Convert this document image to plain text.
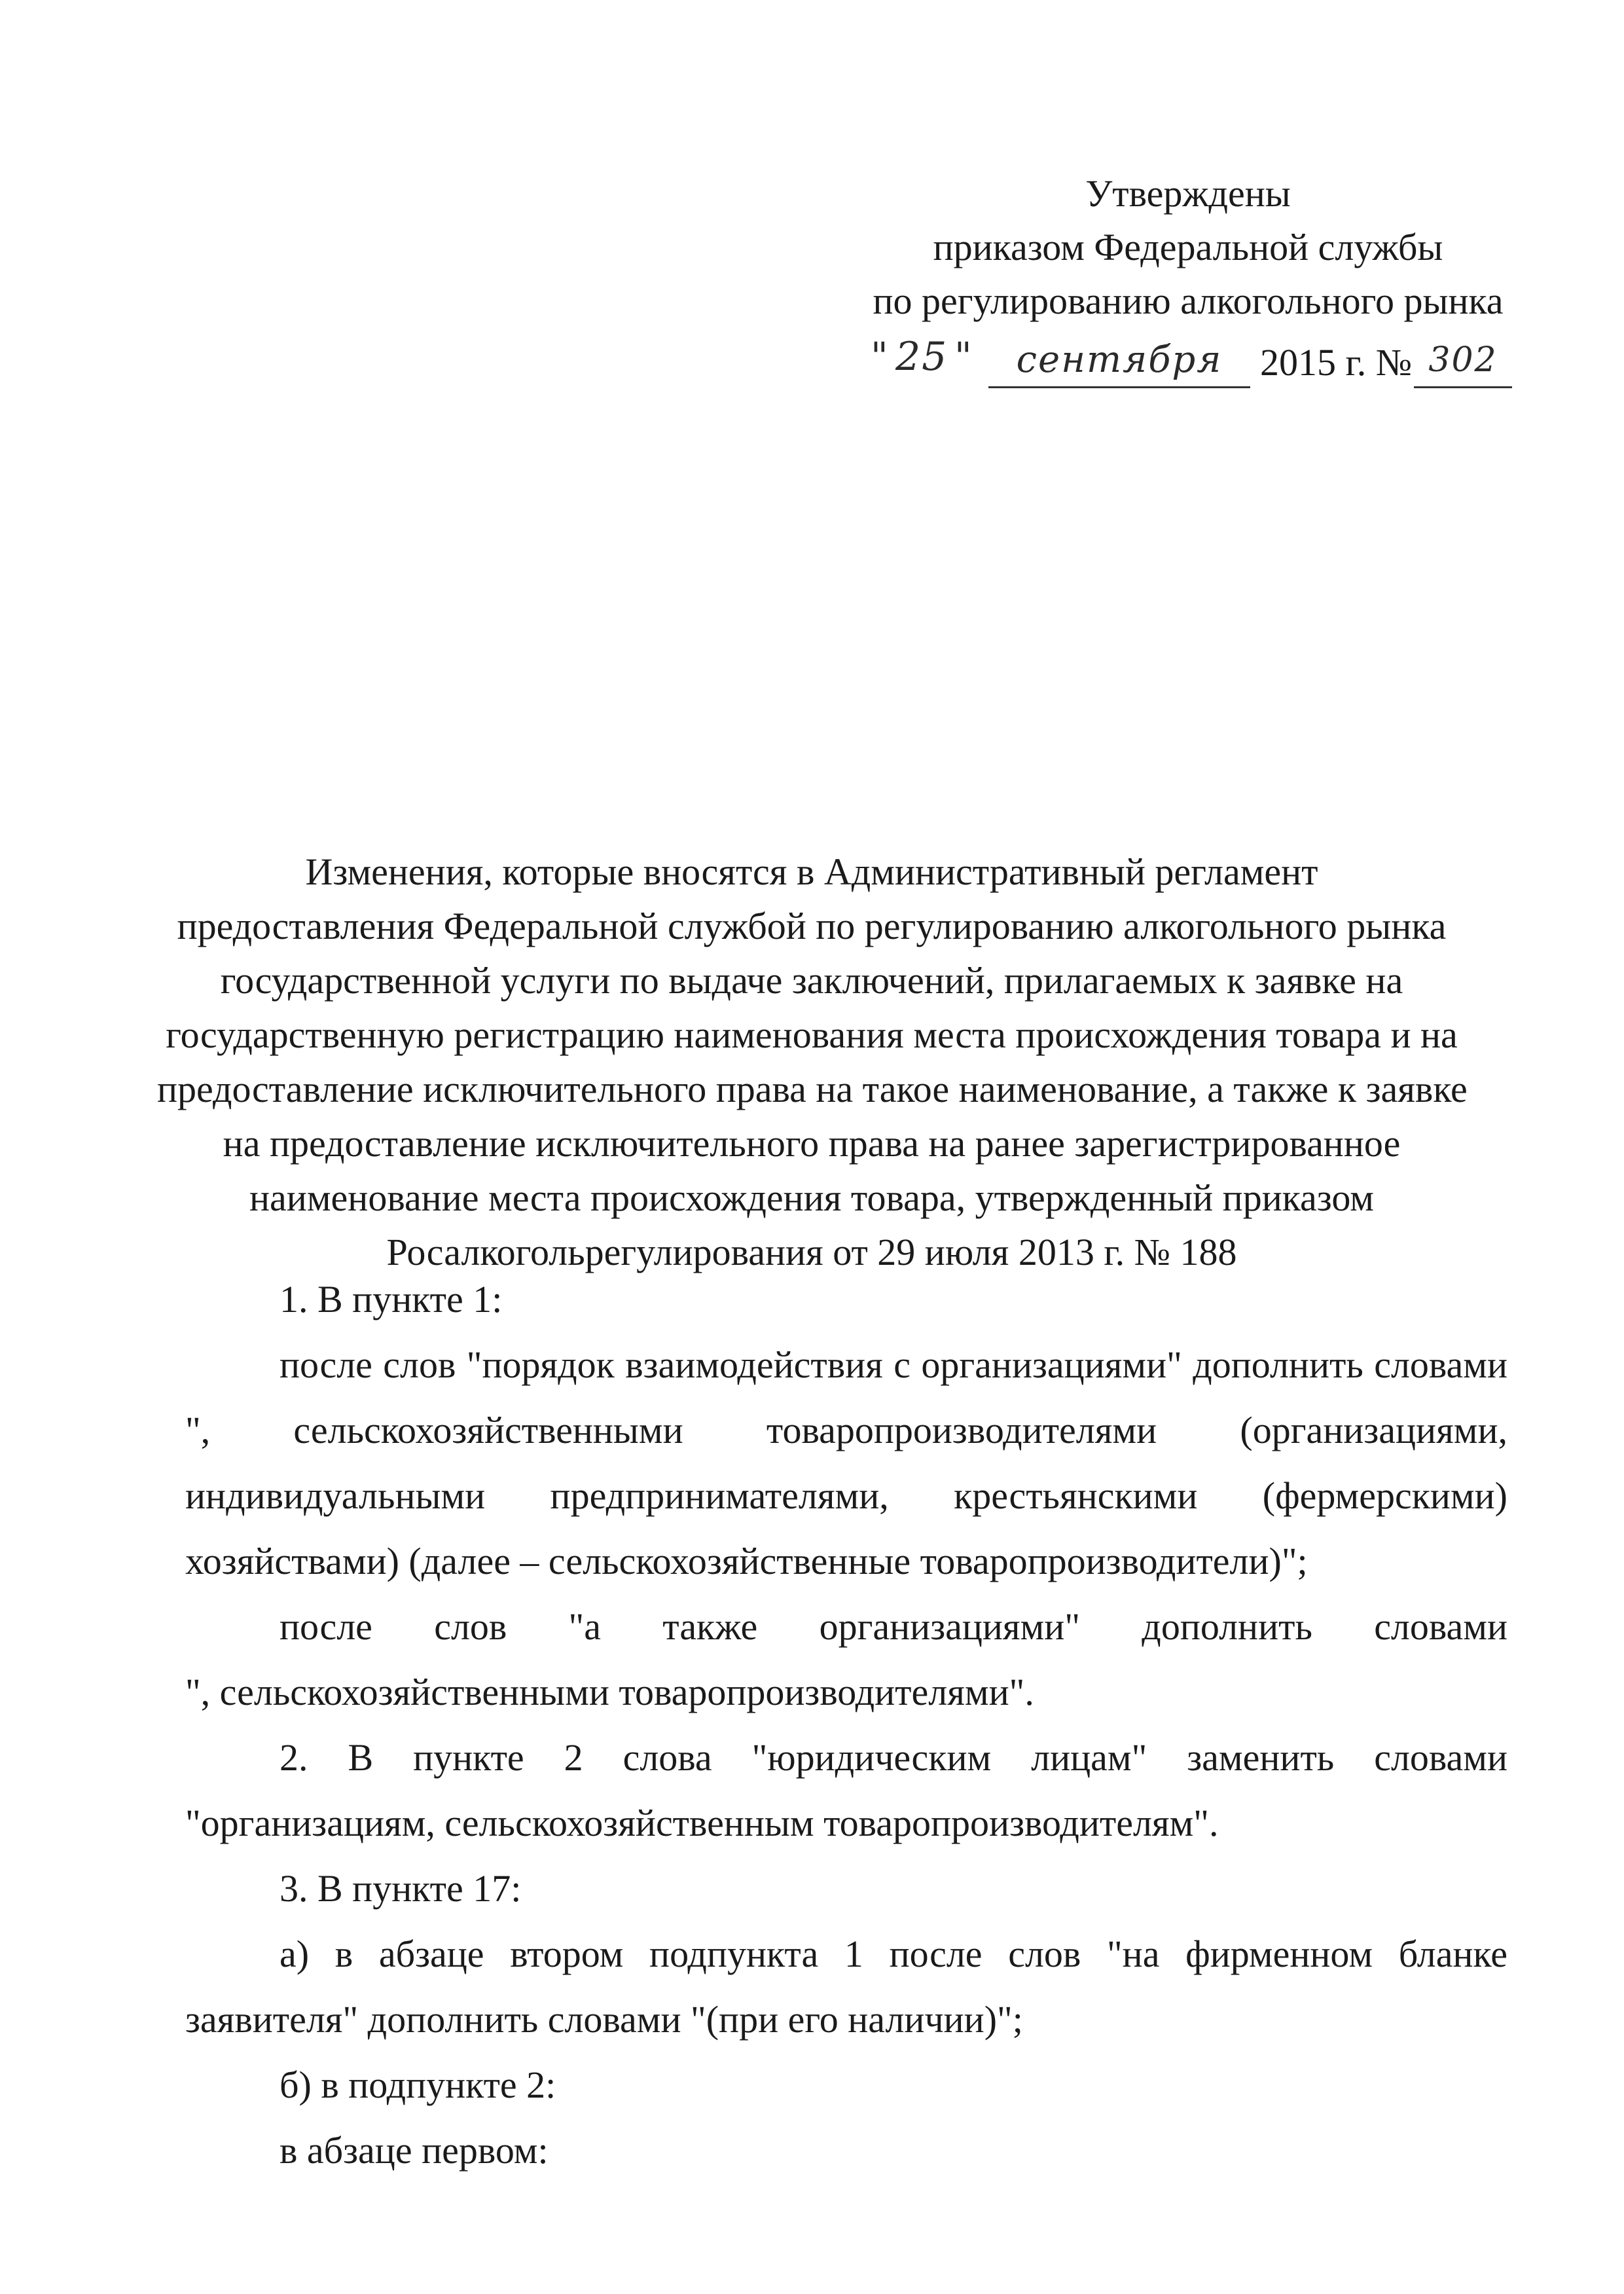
Утверждены
приказом Федеральной службы
по регулированию алкогольного рынка
" 25 "	сентября 2015 г. № 302
Изменения, которые вносятся в Административный регламент
предоставления Федеральной службой по регулированию алкогольного рынка
государственной услуги по выдаче заключений, прилагаемых к заявке на
государственную регистрацию наименования места происхождения товара и на
предоставление исключительного права на такое наименование, а также к заявке
на предоставление исключительного права на ранее зарегистрированное
наименование места происхождения товара, утвержденный приказом
Росалкогольрегулирования от 29 июля 2013 г. № 188
1. В пункте 1:
после слов "порядок взаимодействия с организациями" дополнить словами
", сельскохозяйственными товаропроизводителями (организациями,
индивидуальными предпринимателями, крестьянскими (фермерскими)
хозяйствами) (далее – сельскохозяйственные товаропроизводители)";
после слов "а также организациями" дополнить словами
", сельскохозяйственными товаропроизводителями".
2. В пункте 2 слова "юридическим лицам" заменить словами
"организациям, сельскохозяйственным товаропроизводителям".
3. В пункте 17:
а) в абзаце втором подпункта 1 после слов "на фирменном бланке
заявителя" дополнить словами "(при его наличии)";
б) в подпункте 2:
в абзаце первом:
